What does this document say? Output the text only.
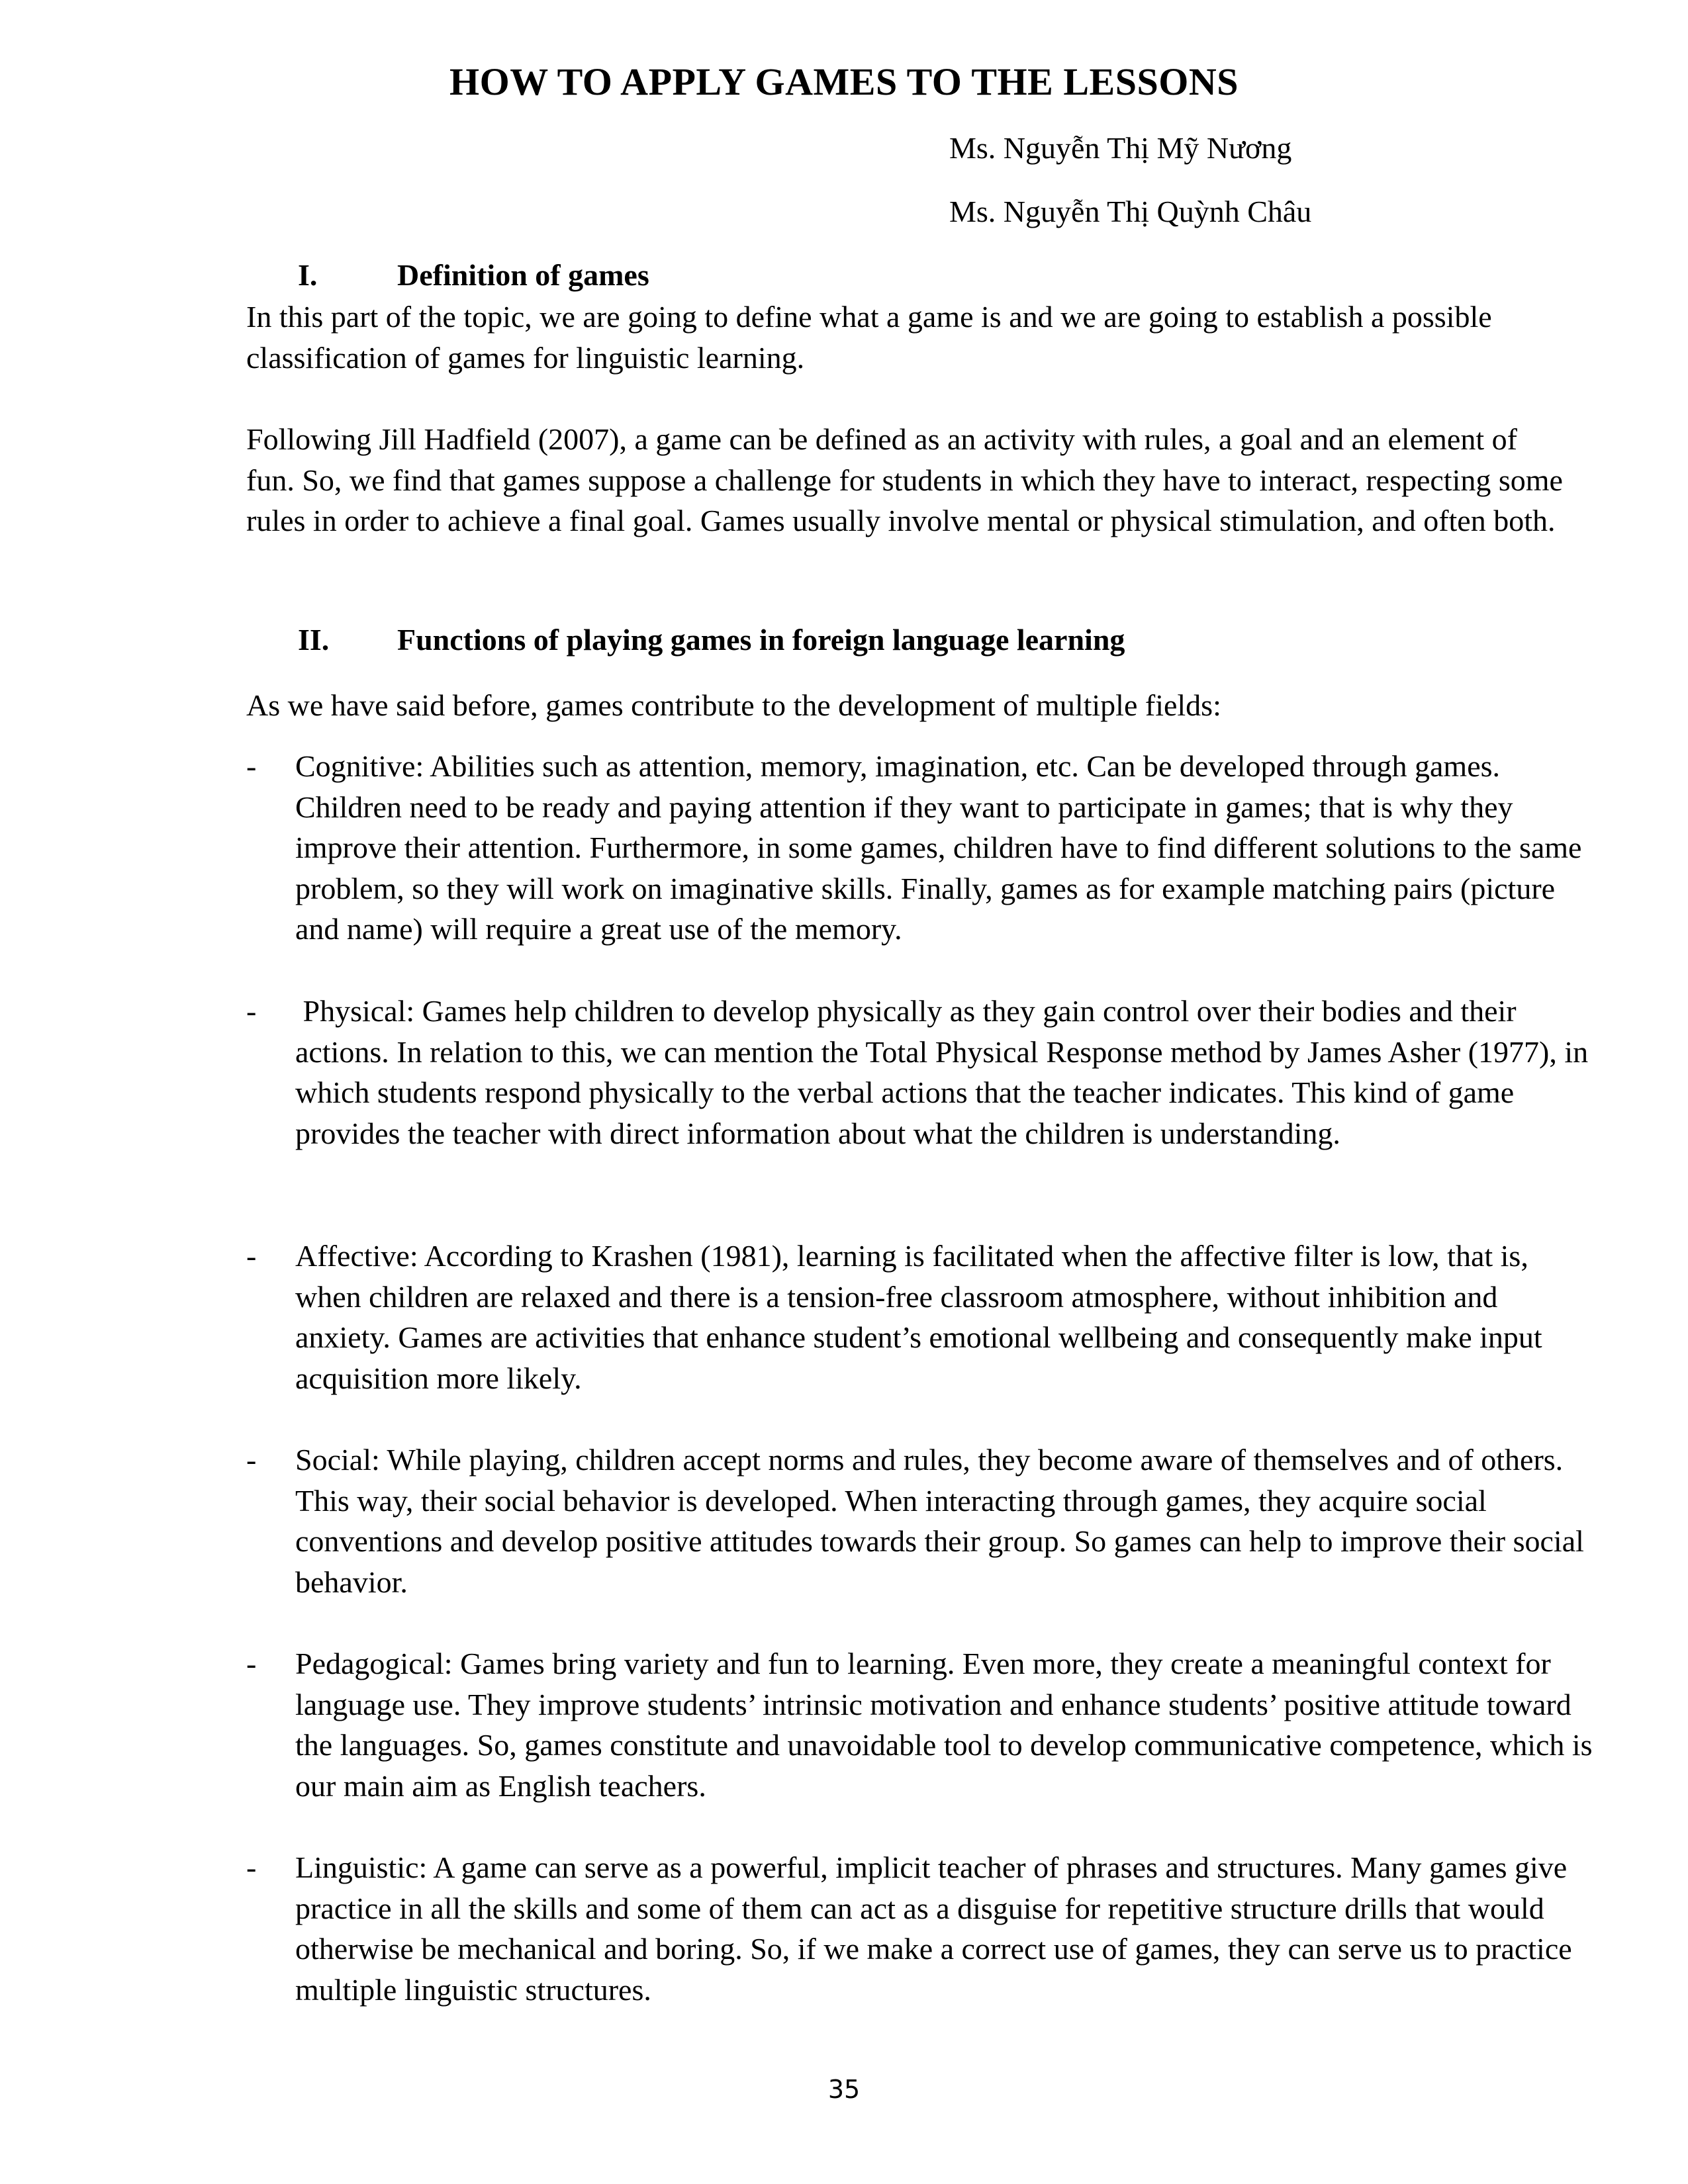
HOW TO APPLY GAMES TO THE LESSONS
Ms. Nguyễn Thị Mỹ Nương
Ms. Nguyễn Thị Quỳnh Châu
I.	Definition of games

In this part of the topic, we are going to define what a game is and we are going to establish a possible classification of games for linguistic learning.

Following Jill Hadfield (2007), a game can be defined as an activity with rules, a goal and an element of fun. So, we find that games suppose a challenge for students in which they have to interact, respecting some rules in order to achieve a final goal. Games usually involve mental or physical stimulation, and often both.

II. Functions of playing games in foreign language learning

As we have said before, games contribute to the development of multiple fields:

- Cognitive: Abilities such as attention, memory, imagination, etc. Can be developed through games. Children need to be ready and paying attention if they want to participate in games; that is why they improve their attention. Furthermore, in some games, children have to find different solutions to the same problem, so they will work on imaginative skills. Finally, games as for example matching pairs (picture and name) will require a great use of the memory.
- Physical: Games help children to develop physically as they gain control over their bodies and their actions. In relation to this, we can mention the Total Physical Response method by James Asher (1977), in which students respond physically to the verbal actions that the teacher indicates. This kind of game provides the teacher with direct information about what the children is understanding.
- Affective: According to Krashen (1981), learning is facilitated when the affective filter is low, that is, when children are relaxed and there is a tension-free classroom atmosphere, without inhibition and anxiety. Games are activities that enhance student’s emotional wellbeing and consequently make input acquisition more likely.
- Social: While playing, children accept norms and rules, they become aware of themselves and of others. This way, their social behavior is developed. When interacting through games, they acquire social conventions and develop positive attitudes towards their group. So games can help to improve their social behavior.
- Pedagogical: Games bring variety and fun to learning. Even more, they create a meaningful context for language use. They improve students’ intrinsic motivation and enhance students’ positive attitude toward the languages. So, games constitute and unavoidable tool to develop communicative competence, which is our main aim as English teachers.
- Linguistic: A game can serve as a powerful, implicit teacher of phrases and structures. Many games give practice in all the skills and some of them can act as a disguise for repetitive structure drills that would otherwise be mechanical and boring. So, if we make a correct use of games, they can serve us to practice multiple linguistic structures.
35
